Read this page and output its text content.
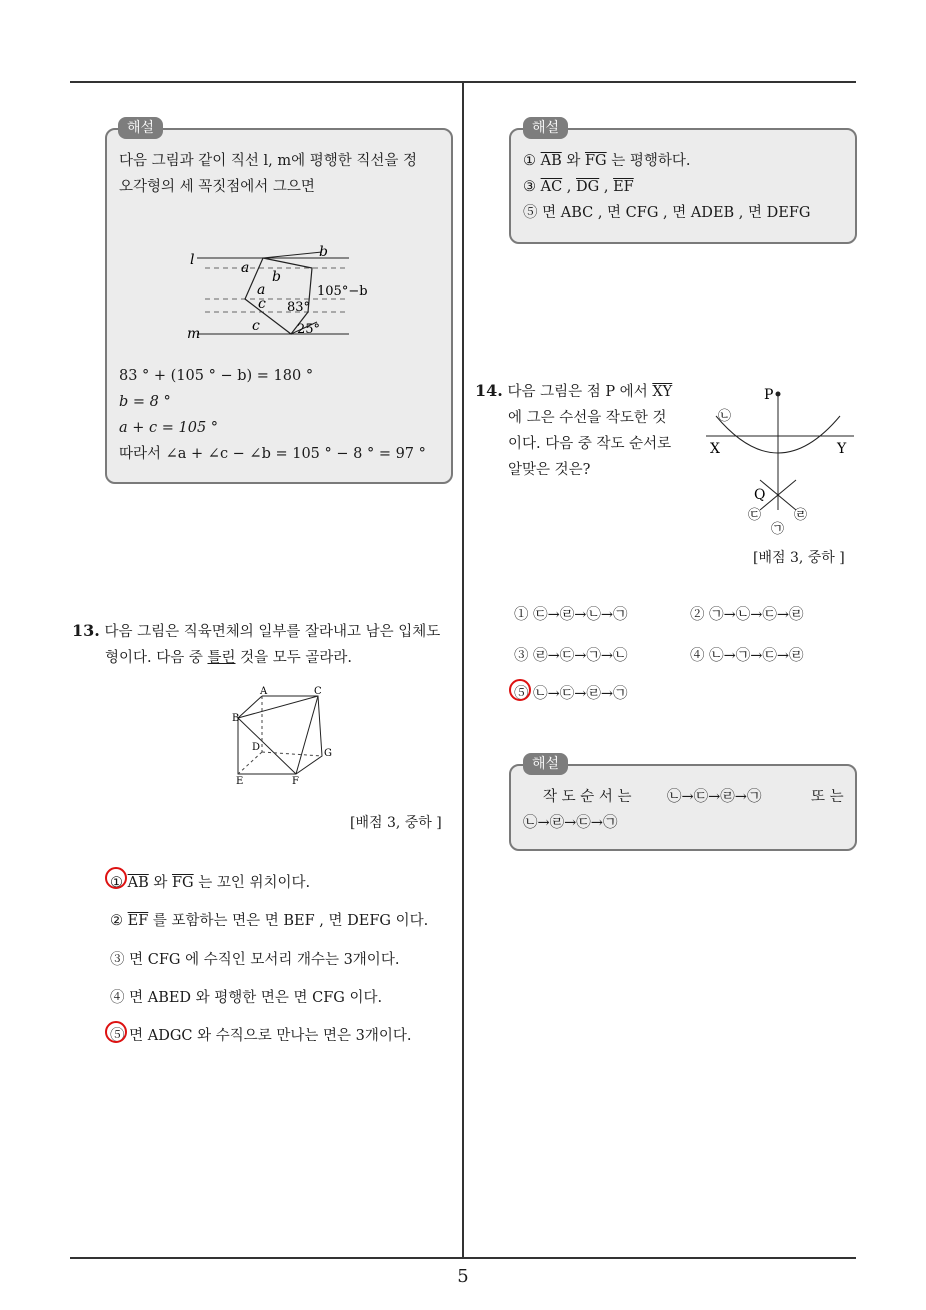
다음 그림과 같이 직선 l, m에 평행한 직선을 정
오각형의 세 꼭짓점에서 그으면
l
m
a
a
b
b
c
c
105°−b
83°
25°
83 ° + (105 ° − b) = 180 °
b = 8 °
a + c = 105 °
따라서 ∠a + ∠c − ∠b = 105 ° − 8 ° = 97 °
해설
13. 다음 그림은 직육면체의 일부를 잘라내고 남은 입체도
형이다. 다음 중 틀린 것을 모두 골라라.
A
B
C
D
E	F
G
[배점 3, 중하 ]
① $\overline{AB}$ 와 $\overline{FG}$ 는 꼬인 위치이다.
② $\overline{EF}$ 를 포함하는 면은 면 BEF , 면 DEFG 이다.
③ 면 CFG 에 수직인 모서리 개수는 3개이다.
④ 면 ABED 와 평행한 면은 면 CFG 이다.
⑤ 면 ADGC 와 수직으로 만나는 면은 3개이다.
① $\overline{AB}$ 와 $\overline{FG}$ 는 평행하다.
③ $\overline{AC}$ , $\overline{DG}$ , $\overline{EF}$
⑤ 면 ABC , 면 CFG , 면 ADEB , 면 DEFG
해설
14. 다음 그림은 점 P 에서 $\overline{XY}$
에 그은 수선을 작도한 것
이다. 다음 중 작도 순서로
알맞은 것은?
P
X	Y
Q
㉡
㉢	㉣
㉠
[배점 3, 중하 ]
① ㉢→㉣→㉡→㉠	② ㉠→㉡→㉢→㉣
③ ㉣→㉢→㉠→㉡	④ ㉡→㉠→㉢→㉣
⑤ ㉡→㉢→㉣→㉠
작 도 순 서 는 ㉡→㉢→㉣→㉠	또 는
㉡→㉣→㉢→㉠
해설
5
